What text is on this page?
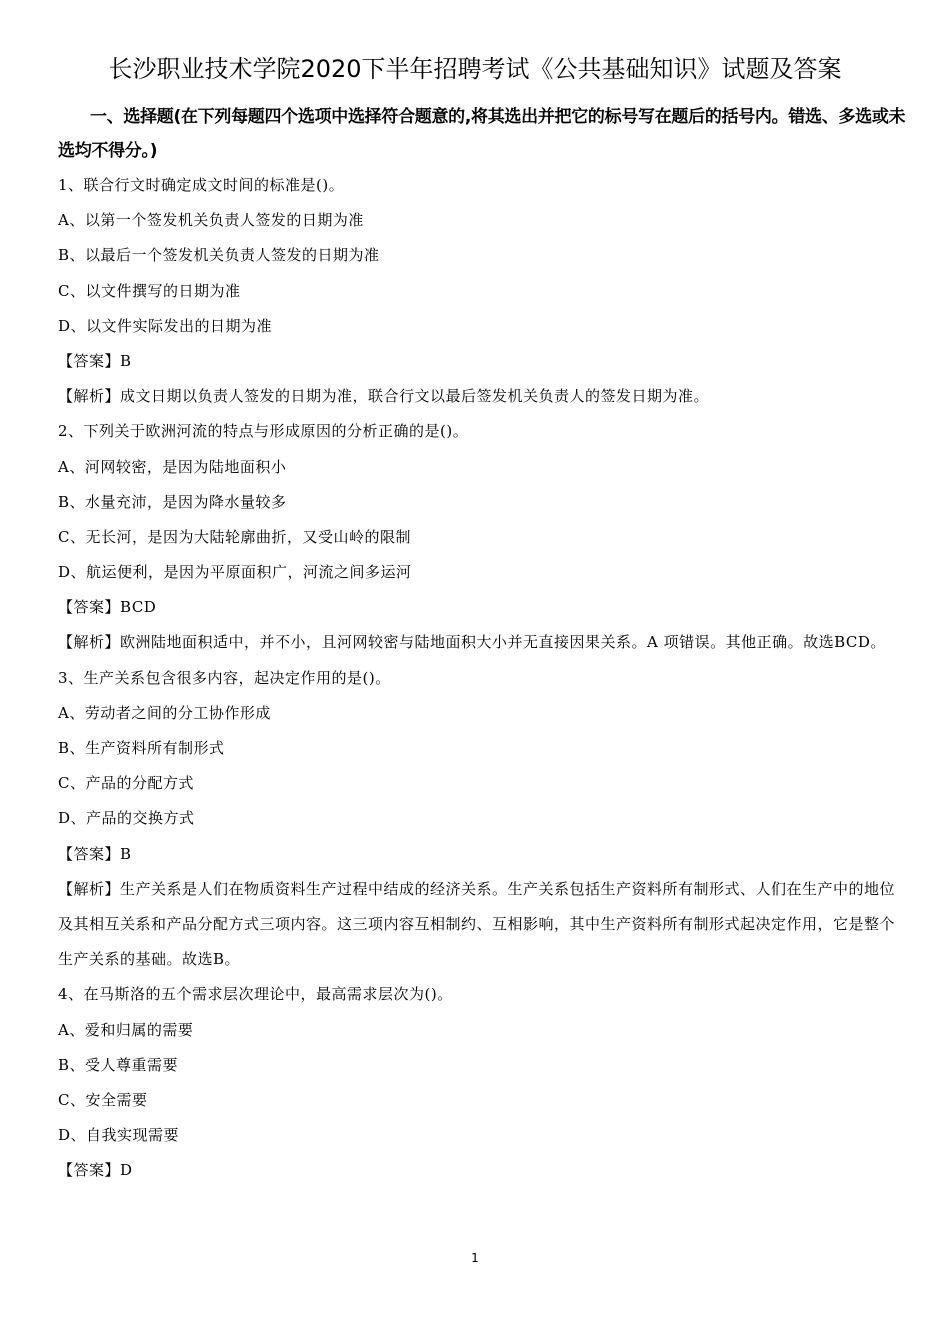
长沙职业技术学院2020下半年招聘考试《公共基础知识》试题及答案
一、选择题(在下列每题四个选项中选择符合题意的,将其选出并把它的标号写在题后的括号内。错选、多选或未选均不得分。)
1、联合行文时确定成文时间的标准是()。
A、以第一个签发机关负责人签发的日期为准
B、以最后一个签发机关负责人签发的日期为准
C、以文件撰写的日期为准
D、以文件实际发出的日期为准
【答案】B
【解析】成文日期以负责人签发的日期为准，联合行文以最后签发机关负责人的签发日期为准。
2、下列关于欧洲河流的特点与形成原因的分析正确的是()。
A、河网较密，是因为陆地面积小
B、水量充沛，是因为降水量较多
C、无长河，是因为大陆轮廓曲折，又受山岭的限制
D、航运便利，是因为平原面积广，河流之间多运河
【答案】BCD
【解析】欧洲陆地面积适中，并不小，且河网较密与陆地面积大小并无直接因果关系。A 项错误。其他正确。故选BCD。
3、生产关系包含很多内容，起决定作用的是()。
A、劳动者之间的分工协作形成
B、生产资料所有制形式
C、产品的分配方式
D、产品的交换方式
【答案】B
【解析】生产关系是人们在物质资料生产过程中结成的经济关系。生产关系包括生产资料所有制形式、人们在生产中的地位及其相互关系和产品分配方式三项内容。这三项内容互相制约、互相影响，其中生产资料所有制形式起决定作用，它是整个生产关系的基础。故选B。
4、在马斯洛的五个需求层次理论中，最高需求层次为()。
A、爱和归属的需要
B、受人尊重需要
C、安全需要
D、自我实现需要
【答案】D
1
